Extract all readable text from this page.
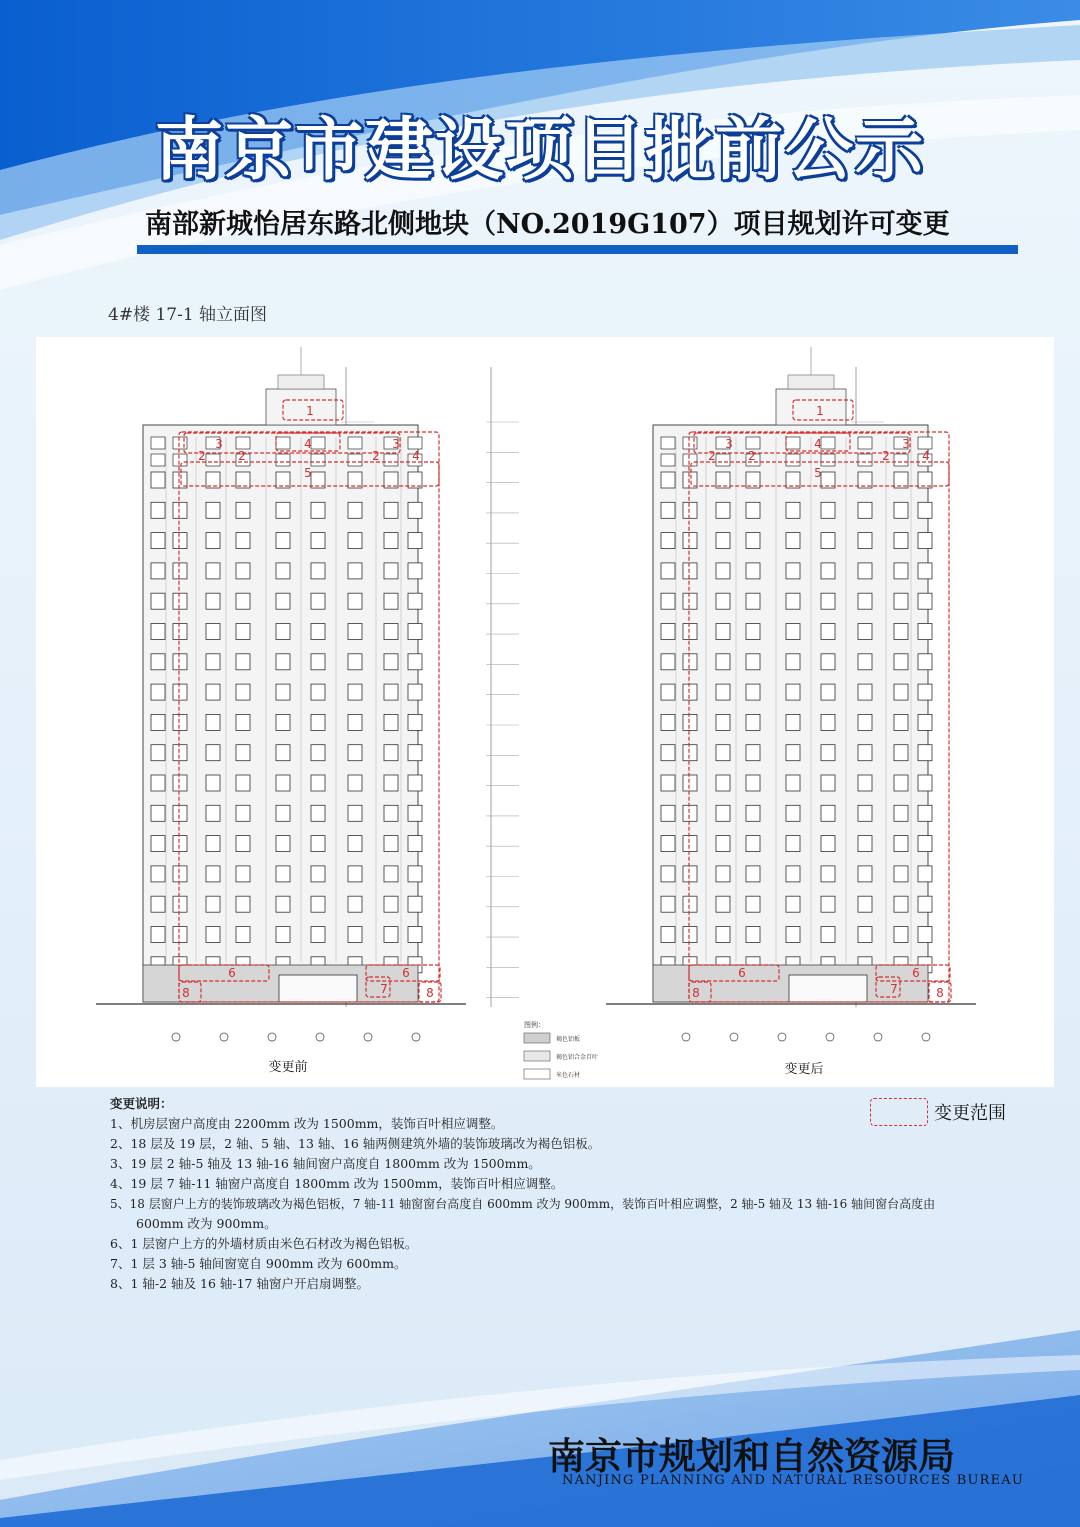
南京市建设项目批前公示
南部新城怡居东路北侧地块（NO.2019G107）项目规划许可变更
4#楼 17-1 轴立面图
1
4
3	3
2	2	2	4
5
6	6
7
8	8
1
4
3	3
2	2	2	4
5
6	6
7
8	8
变更前	变更后
图例：
褐色铝板
褐色铝合金百叶
米色石材
变更说明：
1、机房层窗户高度由 2200mm 改为 1500mm，装饰百叶相应调整。
2、18 层及 19 层，2 轴、5 轴、13 轴、16 轴两侧建筑外墙的装饰玻璃改为褐色铝板。
3、19 层 2 轴-5 轴及 13 轴-16 轴间窗户高度自 1800mm 改为 1500mm。
4、19 层 7 轴-11 轴窗户高度自 1800mm 改为 1500mm，装饰百叶相应调整。
5、18 层窗户上方的装饰玻璃改为褐色铝板，7 轴-11 轴窗窗台高度自 600mm 改为 900mm，装饰百叶相应调整，2 轴-5 轴及 13 轴-16 轴间窗台高度由
600mm 改为 900mm。
6、1 层窗户上方的外墙材质由米色石材改为褐色铝板。
7、1 层 3 轴-5 轴间窗宽自 900mm 改为 600mm。
8、1 轴-2 轴及 16 轴-17 轴窗户开启扇调整。
变更范围
南京市规划和自然资源局
NANJING PLANNING AND NATURAL RESOURCES BUREAU
